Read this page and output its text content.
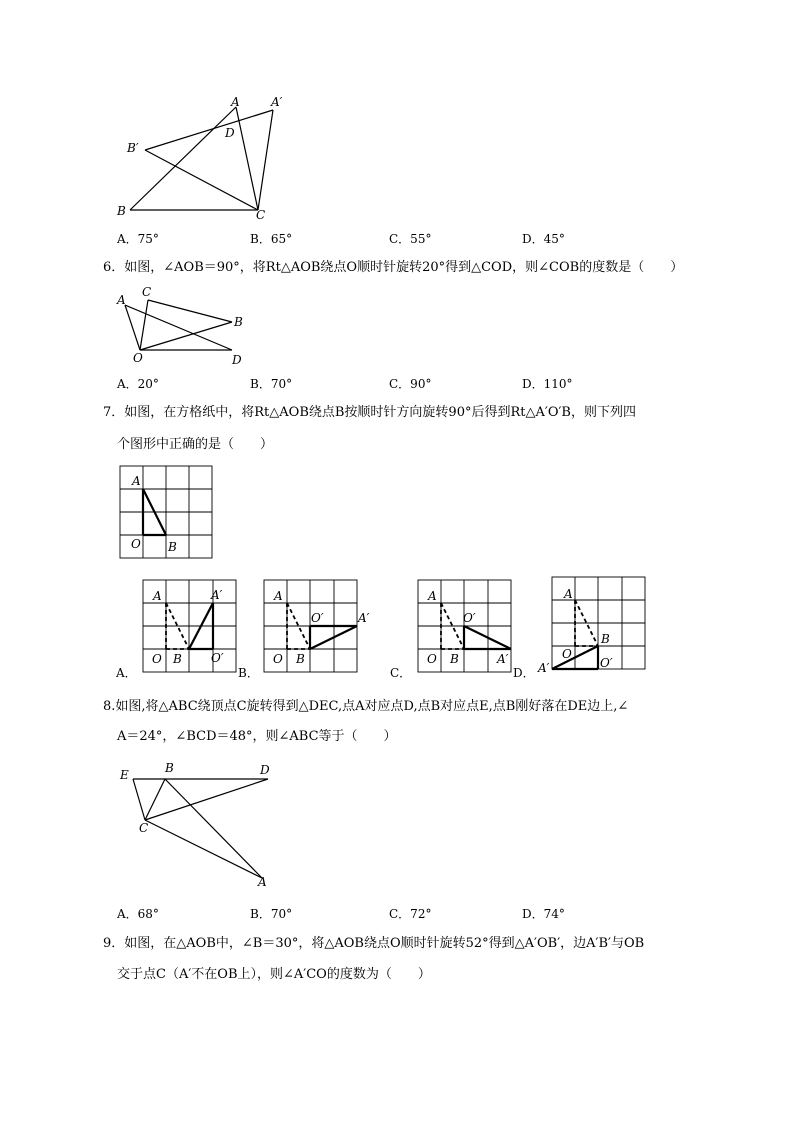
A	A′
D
B′
B	C
A．75°	B．65°	C．55°	D．45°
6．如图，∠AOB＝90°，将Rt△AOB绕点O顺时针旋转20°得到△COD，则∠COB的度数是（　　）
A
C
B
O	D
A．20°	B．70°	C．90°	D．110°
7．如图，在方格纸中，将Rt△AOB绕点B按顺时针方向旋转90°后得到Rt△A′O′B，则下列四
个图形中正确的是（　　）
A
O B
A	A′
O B O′
A．
A
O′	A′
O B
B．
A
O′
O B	A′
C．	D．
A
B
O
A′	O′
8.如图,将△ABC绕顶点C旋转得到△DEC,点A对应点D,点B对应点E,点B刚好落在DE边上,∠
A＝24°，∠BCD＝48°，则∠ABC等于（　　）
E	B	D
C
A
A．68°	B．70°	C．72°	D．74°
9．如图，在△AOB中，∠B＝30°，将△AOB绕点O顺时针旋转52°得到△A′OB′，边A′B′与OB
交于点C（A′不在OB上），则∠A′CO的度数为（　　）
